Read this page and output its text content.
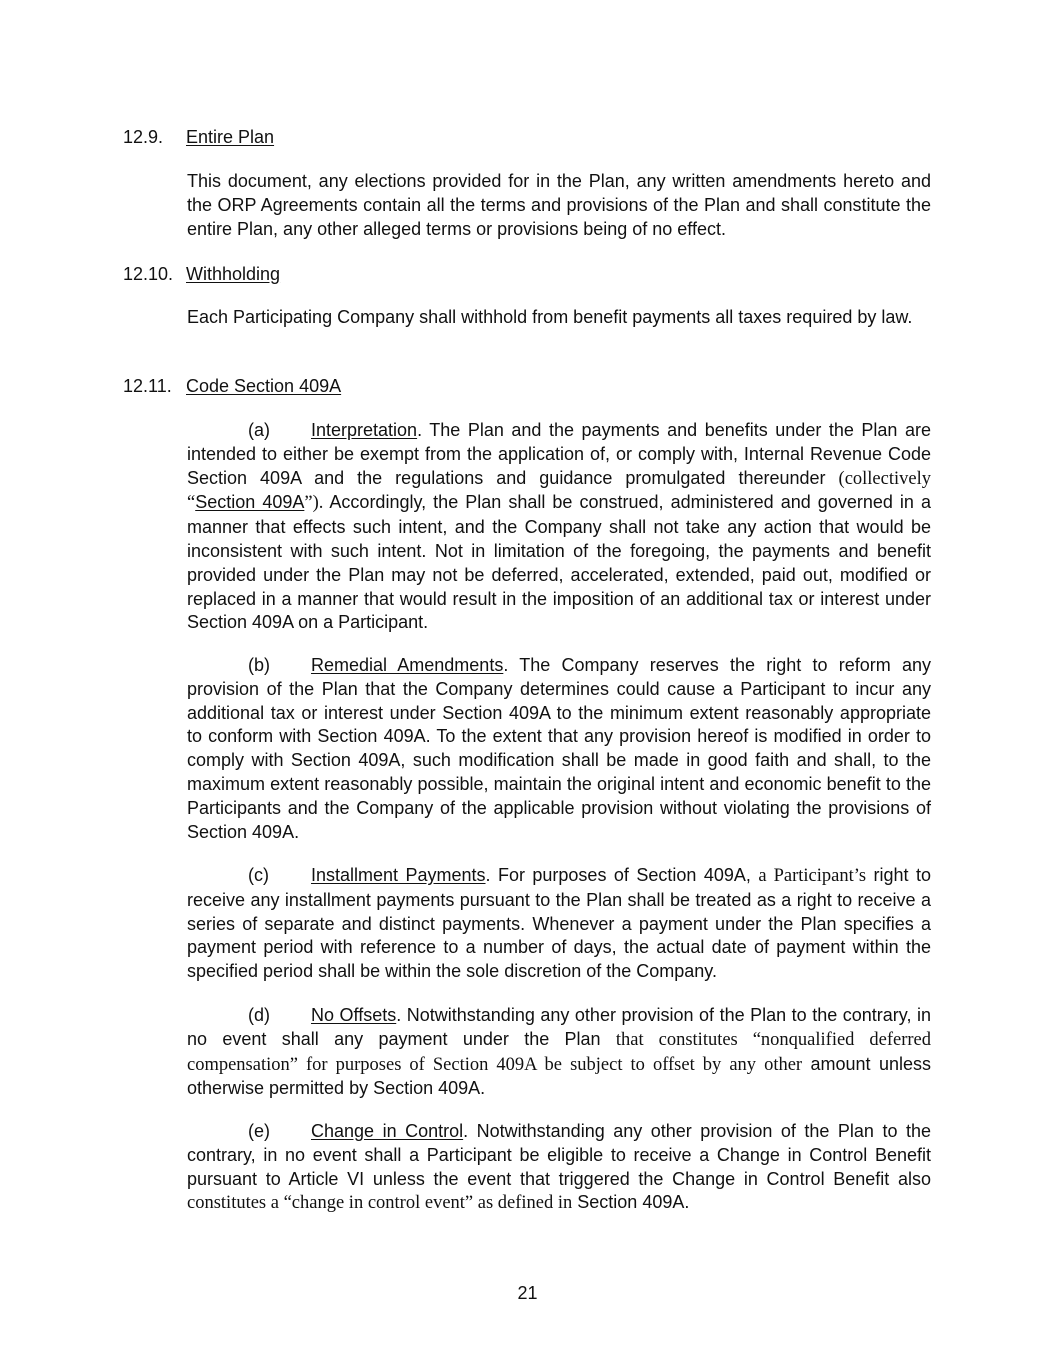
12.9. Entire Plan

This document, any elections provided for in the Plan, any written amendments hereto and the ORP Agreements contain all the terms and provisions of the Plan and shall constitute the entire Plan, any other alleged terms or provisions being of no effect.

12.10. Withholding

Each Participating Company shall withhold from benefit payments all taxes required by law.

12.11. Code Section 409A

(a) Interpretation. The Plan and the payments and benefits under the Plan are intended to either be exempt from the application of, or comply with, Internal Revenue Code Section 409A and the regulations and guidance promulgated thereunder (collectively “Section 409A”). Accordingly, the Plan shall be construed, administered and governed in a manner that effects such intent, and the Company shall not take any action that would be inconsistent with such intent. Not in limitation of the foregoing, the payments and benefit provided under the Plan may not be deferred, accelerated, extended, paid out, modified or replaced in a manner that would result in the imposition of an additional tax or interest under Section 409A on a Participant.

(b) Remedial Amendments. The Company reserves the right to reform any provision of the Plan that the Company determines could cause a Participant to incur any additional tax or interest under Section 409A to the minimum extent reasonably appropriate to conform with Section 409A. To the extent that any provision hereof is modified in order to comply with Section 409A, such modification shall be made in good faith and shall, to the maximum extent reasonably possible, maintain the original intent and economic benefit to the Participants and the Company of the applicable provision without violating the provisions of Section 409A.

(c) Installment Payments. For purposes of Section 409A, a Participant’s right to receive any installment payments pursuant to the Plan shall be treated as a right to receive a series of separate and distinct payments. Whenever a payment under the Plan specifies a payment period with reference to a number of days, the actual date of payment within the specified period shall be within the sole discretion of the Company.

(d) No Offsets. Notwithstanding any other provision of the Plan to the contrary, in no event shall any payment under the Plan that constitutes “nonqualified deferred compensation” for purposes of Section 409A be subject to offset by any other amount unless otherwise permitted by Section 409A.

(e) Change in Control. Notwithstanding any other provision of the Plan to the contrary, in no event shall a Participant be eligible to receive a Change in Control Benefit pursuant to Article VI unless the event that triggered the Change in Control Benefit also constitutes a “change in control event” as defined in Section 409A.

21
